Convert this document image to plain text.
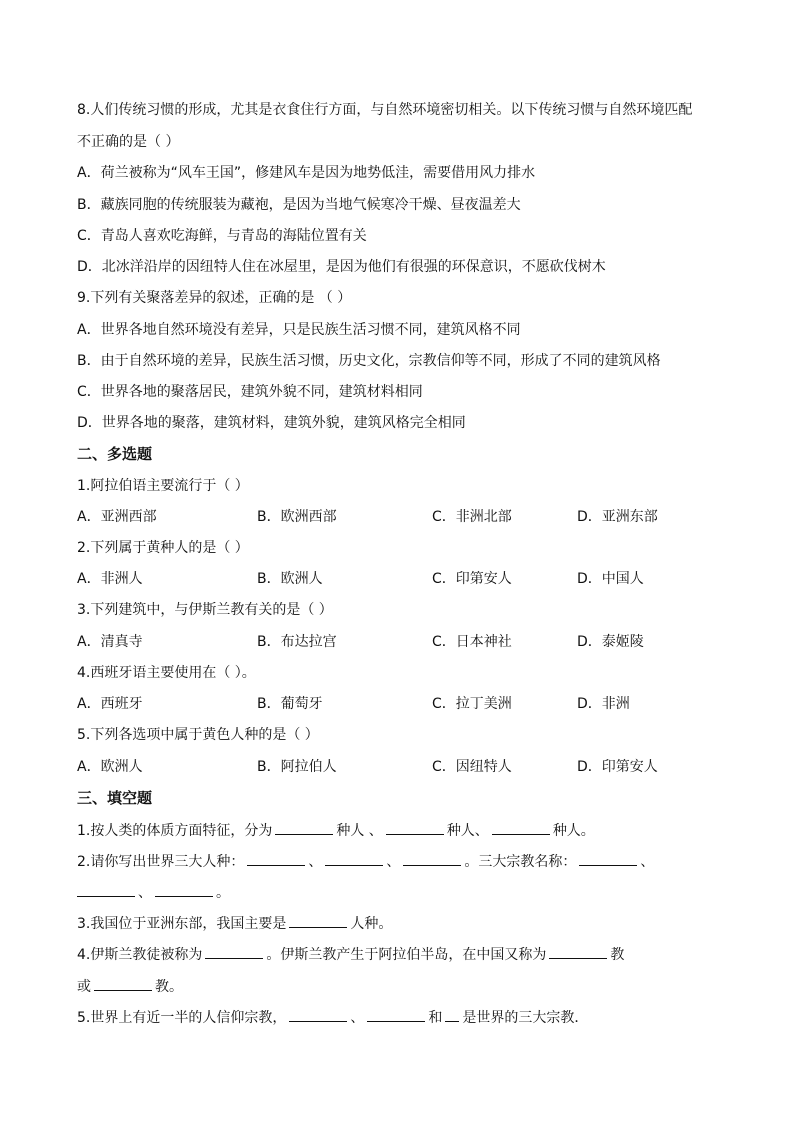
8.人们传统习惯的形成，尤其是衣食住行方面，与自然环境密切相关。以下传统习惯与自然环境匹配
不正确的是（ ）
A．荷兰被称为“风车王国”，修建风车是因为地势低洼，需要借用风力排水
B．藏族同胞的传统服装为藏袍，是因为当地气候寒冷干燥、昼夜温差大
C．青岛人喜欢吃海鲜，与青岛的海陆位置有关
D．北冰洋沿岸的因纽特人住在冰屋里，是因为他们有很强的环保意识，不愿砍伐树木
9.下列有关聚落差异的叙述，正确的是 （ ）
A．世界各地自然环境没有差异，只是民族生活习惯不同，建筑风格不同
B．由于自然环境的差异，民族生活习惯，历史文化，宗教信仰等不同，形成了不同的建筑风格
C．世界各地的聚落居民，建筑外貌不同，建筑材料相同
D．世界各地的聚落，建筑材料，建筑外貌，建筑风格完全相同
二、多选题
1.阿拉伯语主要流行于（ ）
A．亚洲西部	B．欧洲西部	C．非洲北部	D．亚洲东部
2.下列属于黄种人的是（ ）
A．非洲人	B．欧洲人	C．印第安人	D．中国人
3.下列建筑中，与伊斯兰教有关的是（ ）
A．清真寺	B．布达拉宫	C．日本神社	D．泰姬陵
4.西班牙语主要使用在（ ）。
A．西班牙	B．葡萄牙	C．拉丁美洲	D．非洲
5.下列各选项中属于黄色人种的是（ ）
A．欧洲人	B．阿拉伯人	C．因纽特人	D．印第安人
三、填空题
1.按人类的体质方面特征，分为	种人 、	种人、	种人。
2.请你写出世界三大人种：	、	、	。三大宗教名称：	、
、	。
3.我国位于亚洲东部，我国主要是	人种。
4.伊斯兰教徒被称为	。伊斯兰教产生于阿拉伯半岛，在中国又称为	教
或	教。
5.世界上有近一半的人信仰宗教，	、	和 是世界的三大宗教．
